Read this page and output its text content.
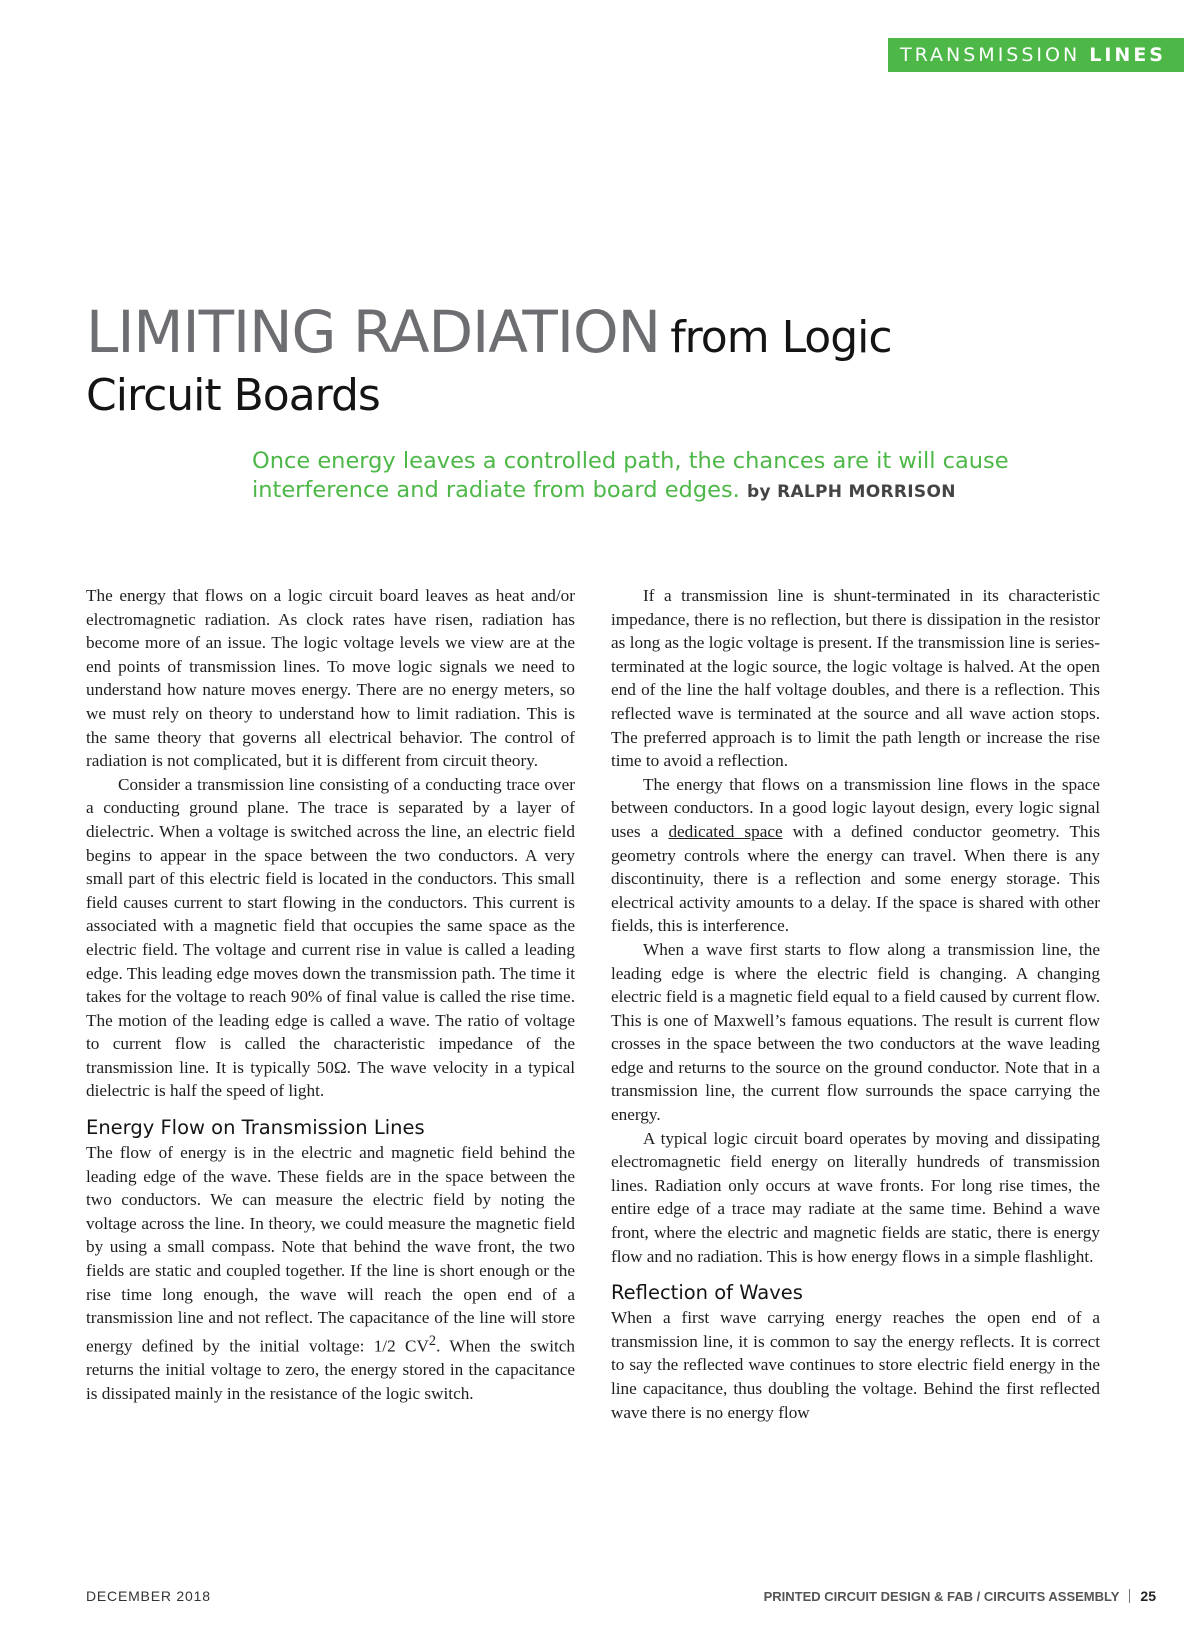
TRANSMISSION LINES
LIMITING RADIATION from Logic
Circuit Boards
Once energy leaves a controlled path, the chances are it will cause interference and radiate from board edges. by RALPH MORRISON

The energy that flows on a logic circuit board leaves as heat and/or electromagnetic radiation. As clock rates have risen, radiation has become more of an issue. The logic voltage levels we view are at the end points of transmission lines. To move logic signals we need to understand how nature moves energy. There are no energy meters, so we must rely on theory to understand how to limit radiation. This is the same theory that governs all electrical behavior. The control of radiation is not complicated, but it is different from circuit theory.

Consider a transmission line consisting of a conducting trace over a conducting ground plane. The trace is separated by a layer of dielectric. When a voltage is switched across the line, an electric field begins to appear in the space between the two conductors. A very small part of this electric field is located in the conductors. This small field causes current to start flowing in the conductors. This current is associated with a magnetic field that occupies the same space as the electric field. The voltage and current rise in value is called a leading edge. This leading edge moves down the transmission path. The time it takes for the voltage to reach 90% of final value is called the rise time. The motion of the leading edge is called a wave. The ratio of voltage to current flow is called the characteristic impedance of the transmission line. It is typically 50Ω. The wave velocity in a typical dielectric is half the speed of light.

Energy Flow on Transmission Lines

The flow of energy is in the electric and magnetic field behind the leading edge of the wave. These fields are in the space between the two conductors. We can measure the electric field by noting the voltage across the line. In theory, we could measure the magnetic field by using a small compass. Note that behind the wave front, the two fields are static and coupled together. If the line is short enough or the rise time long enough, the wave will reach the open end of a transmission line and not reflect. The capacitance of the line will store energy defined by the initial voltage: 1/2 $CV^2$. When the switch returns the initial voltage to zero, the energy stored in the capacitance is dissipated mainly in the resistance of the logic switch.

If a transmission line is shunt-terminated in its characteristic impedance, there is no reflection, but there is dissipation in the resistor as long as the logic voltage is present. If the transmission line is series-terminated at the logic source, the logic voltage is halved. At the open end of the line the half voltage doubles, and there is a reflection. This reflected wave is terminated at the source and all wave action stops. The preferred approach is to limit the path length or increase the rise time to avoid a reflection.

The energy that flows on a transmission line flows in the space between conductors. In a good logic layout design, every logic signal uses a dedicated space with a defined conductor geometry. This geometry controls where the energy can travel. When there is any discontinuity, there is a reflection and some energy storage. This electrical activity amounts to a delay. If the space is shared with other fields, this is interference.

When a wave first starts to flow along a transmission line, the leading edge is where the electric field is changing. A changing electric field is a magnetic field equal to a field caused by current flow. This is one of Maxwell’s famous equations. The result is current flow crosses in the space between the two conductors at the wave leading edge and returns to the source on the ground conductor. Note that in a transmission line, the current flow surrounds the space carrying the energy.

A typical logic circuit board operates by moving and dissipating electromagnetic field energy on literally hundreds of transmission lines. Radiation only occurs at wave fronts. For long rise times, the entire edge of a trace may radiate at the same time. Behind a wave front, where the electric and magnetic fields are static, there is energy flow and no radiation. This is how energy flows in a simple flashlight.

Reflection of Waves

When a first wave carrying energy reaches the open end of a transmission line, it is common to say the energy reflects. It is correct to say the reflected wave continues to store electric field energy in the line capacitance, thus doubling the voltage. Behind the first reflected wave there is no energy flow

DECEMBER 2018	PRINTED CIRCUIT DESIGN & FAB / CIRCUITS ASSEMBLY 25
